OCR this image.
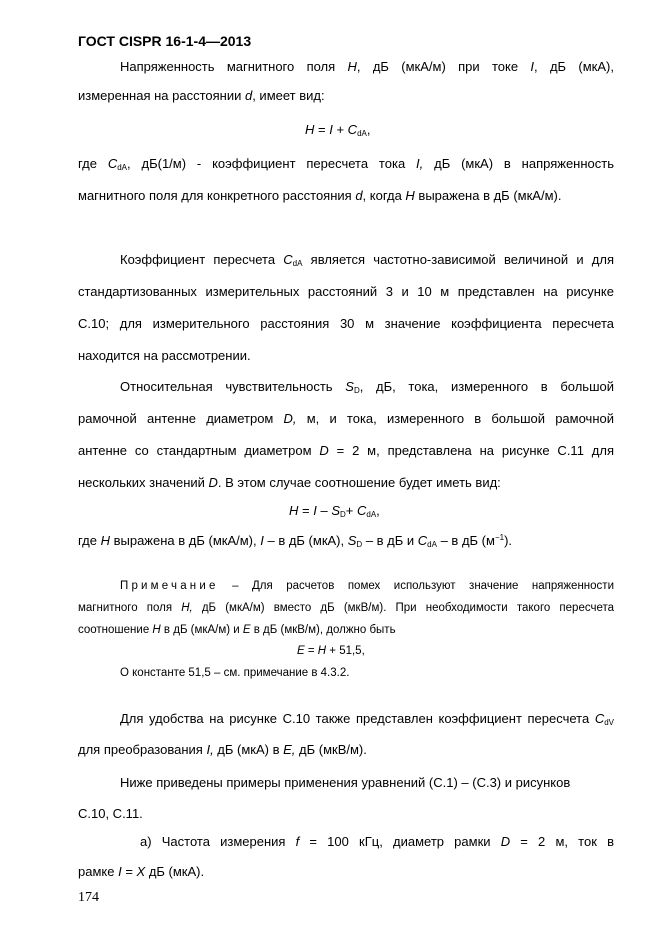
ГОСТ CISPR 16-1-4—2013
Напряженность магнитного поля H, дБ (мкА/м) при токе I, дБ (мкА),
измеренная на расстоянии d, имеет вид:
$H = I + C_{dA}$,
где $C_{dA}$, дБ(1/м) - коэффициент пересчета тока I, дБ (мкА) в напряженность
магнитного поля для конкретного расстояния d, когда H выражена в дБ (мкА/м).
Коэффициент пересчета $C_{dA}$ является частотно-зависимой величиной и для
стандартизованных измерительных расстояний 3 и 10 м представлен на рисунке
С.10; для измерительного расстояния 30 м значение коэффициента пересчета
находится на рассмотрении.
Относительная чувствительность $S_D$, дБ, тока, измеренного в большой
рамочной антенне диаметром D, м, и тока, измеренного в большой рамочной
антенне со стандартным диаметром D = 2 м, представлена на рисунке С.11 для
нескольких значений D. В этом случае соотношение будет иметь вид:
$H = I - S_D+ C_{dA}$,
где H выражена в дБ (мкА/м), I – в дБ (мкА), $S_D$ – в дБ и $C_{dA}$ – в дБ $(м^{-1})$.
Примечание – Для расчетов помех используют значение напряженности
магнитного поля H, дБ (мкА/м) вместо дБ (мкВ/м). При необходимости такого пересчета
соотношение H в дБ (мкА/м) и E в дБ (мкВ/м), должно быть
E = H + 51,5,
О константе 51,5 – см. примечание в 4.3.2.
Для удобства на рисунке С.10 также представлен коэффициент пересчета $C_{dV}$
для преобразования I, дБ (мкА) в E, дБ (мкВ/м).
Ниже приведены примеры применения уравнений (С.1) – (С.3) и рисунков
С.10, С.11.
а) Частота измерения f = 100 кГц, диаметр рамки D = 2 м, ток в
рамке I = X дБ (мкА).
174
